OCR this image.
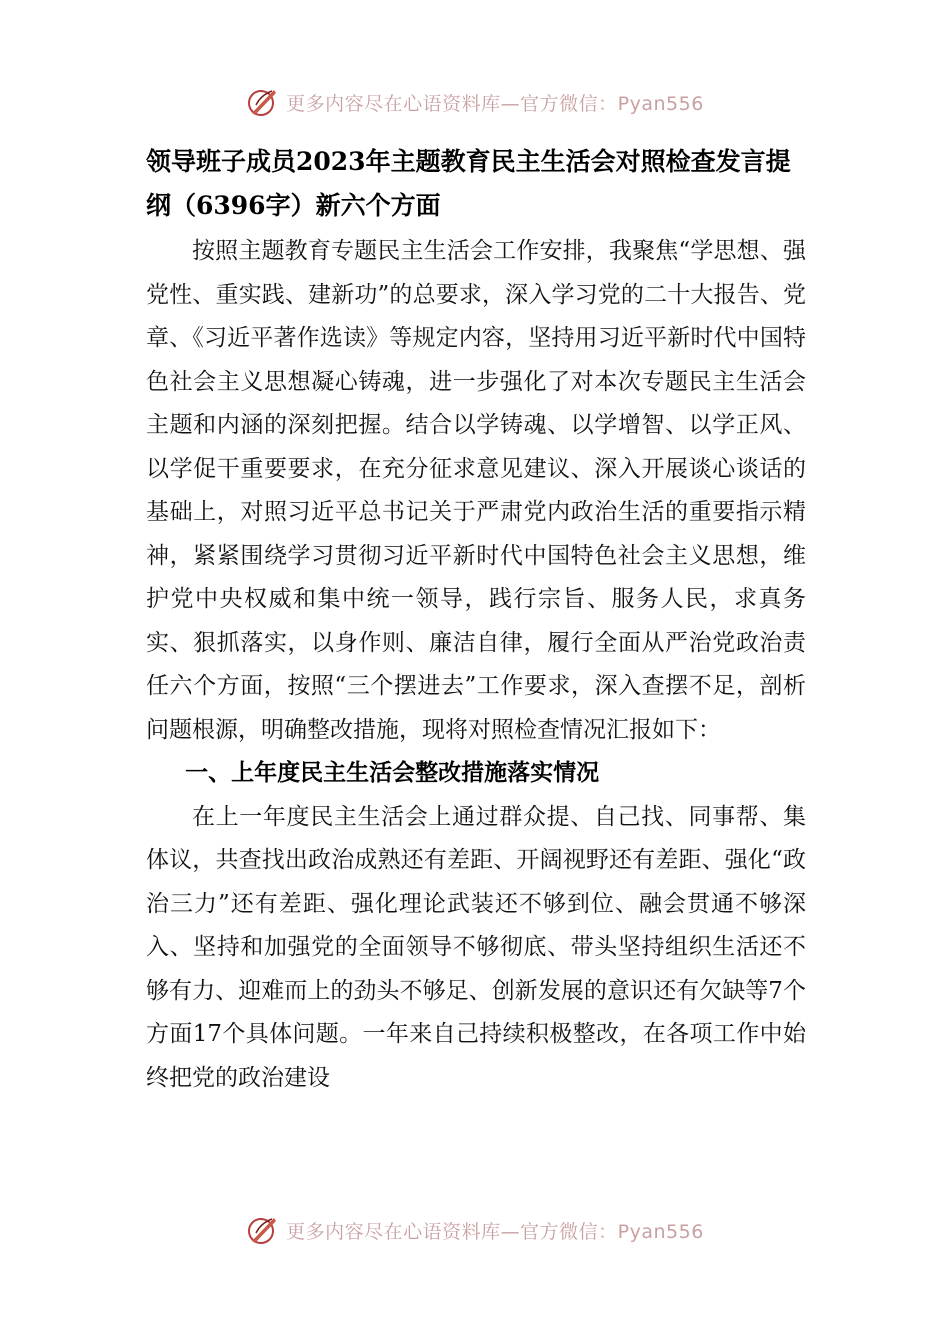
更多内容尽在心语资料库—官方微信：Pyan556
领导班子成员2023年主题教育民主生活会对照检查发言提纲（6396字）新六个方面

按照主题教育专题民主生活会工作安排，我聚焦“学思想、强党性、重实践、建新功”的总要求，深入学习党的二十大报告、党章、《习近平著作选读》等规定内容，坚持用习近平新时代中国特色社会主义思想凝心铸魂，进一步强化了对本次专题民主生活会主题和内涵的深刻把握。结合以学铸魂、以学增智、以学正风、以学促干重要要求，在充分征求意见建议、深入开展谈心谈话的基础上，对照习近平总书记关于严肃党内政治生活的重要指示精神，紧紧围绕学习贯彻习近平新时代中国特色社会主义思想，维护党中央权威和集中统一领导，践行宗旨、服务人民，求真务实、狠抓落实，以身作则、廉洁自律，履行全面从严治党政治责任六个方面，按照“三个摆进去”工作要求，深入查摆不足，剖析问题根源，明确整改措施，现将对照检查情况汇报如下：

一、上年度民主生活会整改措施落实情况

在上一年度民主生活会上通过群众提、自己找、同事帮、集体议，共查找出政治成熟还有差距、开阔视野还有差距、强化“政治三力”还有差距、强化理论武装还不够到位、融会贯通不够深入、坚持和加强党的全面领导不够彻底、带头坚持组织生活还不够有力、迎难而上的劲头不够足、创新发展的意识还有欠缺等7个方面17个具体问题。一年来自己持续积极整改，在各项工作中始终把党的政治建设

更多内容尽在心语资料库—官方微信：Pyan556
